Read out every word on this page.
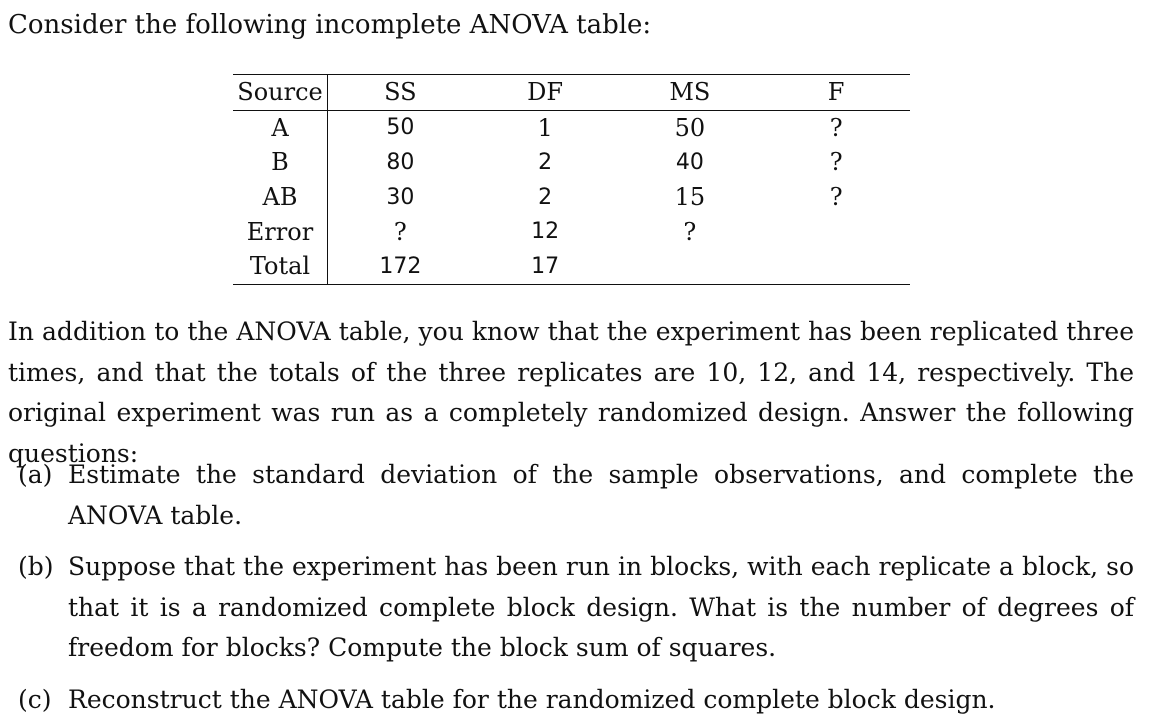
Consider the following incomplete ANOVA table:
Source	SS	DF	MS	F
A	50	1	50	?
B	80	2	40	?
AB	30	2	15	?
Error	?	12	?	
Total	172	17		

In addition to the ANOVA table, you know that the experiment has been replicated three times, and that the totals of the three replicates are 10, 12, and 14, respectively. The original experiment was run as a completely randomized design. Answer the following questions:

(a) Estimate the standard deviation of the sample observations, and complete the ANOVA table.
(b) Suppose that the experiment has been run in blocks, with each replicate a block, so that it is a randomized complete block design. What is the number of degrees of freedom for blocks? Compute the block sum of squares.
(c) Reconstruct the ANOVA table for the randomized complete block design.
